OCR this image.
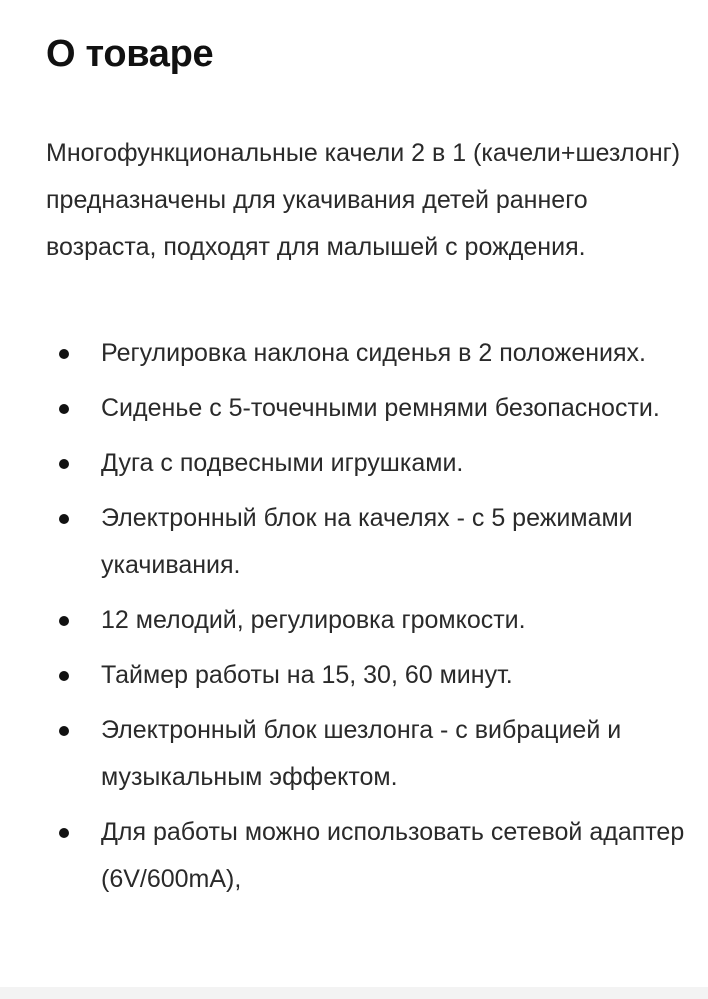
О товаре

Многофункциональные качели 2 в 1 (качели+шезлонг) предназначены для укачивания детей раннего возраста, подходят для малышей с рождения.

Регулировка наклона сиденья в 2 положениях.
Сиденье с 5-точечными ремнями безопасности.
Дуга с подвесными игрушками.
Электронный блок на качелях - с 5 режимами укачивания.
12 мелодий, регулировка громкости.
Таймер работы на 15, 30, 60 минут.
Электронный блок шезлонга - с вибрацией и музыкальным эффектом.
Для работы можно использовать сетевой адаптер (6V/600mA),
